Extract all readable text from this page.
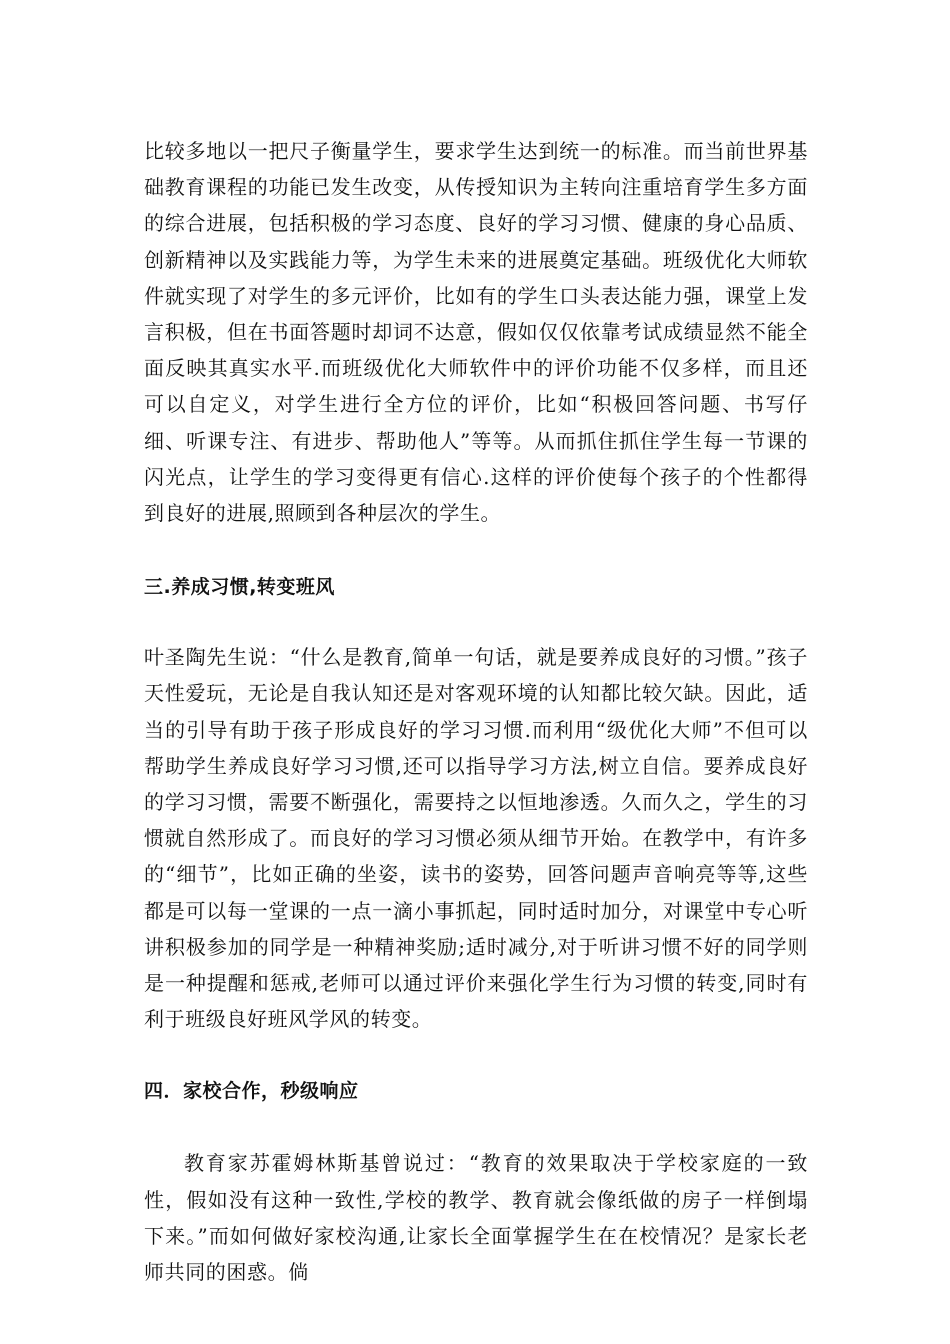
比较多地以一把尺子衡量学生，要求学生达到统一的标准。而当前世界基础教育课程的功能已发生改变，从传授知识为主转向注重培育学生多方面的综合进展，包括积极的学习态度、良好的学习习惯、健康的身心品质、创新精神以及实践能力等，为学生未来的进展奠定基础。班级优化大师软件就实现了对学生的多元评价，比如有的学生口头表达能力强，课堂上发言积极，但在书面答题时却词不达意，假如仅仅依靠考试成绩显然不能全面反映其真实水平.而班级优化大师软件中的评价功能不仅多样，而且还可以自定义，对学生进行全方位的评价，比如“积极回答问题、书写仔细、听课专注、有进步、帮助他人”等等。从而抓住抓住学生每一节课的闪光点，让学生的学习变得更有信心.这样的评价使每个孩子的个性都得到良好的进展,照顾到各种层次的学生。

三.养成习惯,转变班风

叶圣陶先生说：“什么是教育,简单一句话，就是要养成良好的习惯。”孩子天性爱玩，无论是自我认知还是对客观环境的认知都比较欠缺。因此，适当的引导有助于孩子形成良好的学习习惯.而利用“级优化大师”不但可以帮助学生养成良好学习习惯,还可以指导学习方法,树立自信。要养成良好的学习习惯，需要不断强化，需要持之以恒地渗透。久而久之，学生的习惯就自然形成了。而良好的学习习惯必须从细节开始。在教学中，有许多的“细节”，比如正确的坐姿，读书的姿势，回答问题声音响亮等等,这些都是可以每一堂课的一点一滴小事抓起，同时适时加分，对课堂中专心听讲积极参加的同学是一种精神奖励;适时减分,对于听讲习惯不好的同学则是一种提醒和惩戒,老师可以通过评价来强化学生行为习惯的转变,同时有利于班级良好班风学风的转变。

四．家校合作，秒级响应

教育家苏霍姆林斯基曾说过：“教育的效果取决于学校家庭的一致性，假如没有这种一致性,学校的教学、教育就会像纸做的房子一样倒塌下来。”而如何做好家校沟通,让家长全面掌握学生在在校情况？是家长老师共同的困惑。倘
